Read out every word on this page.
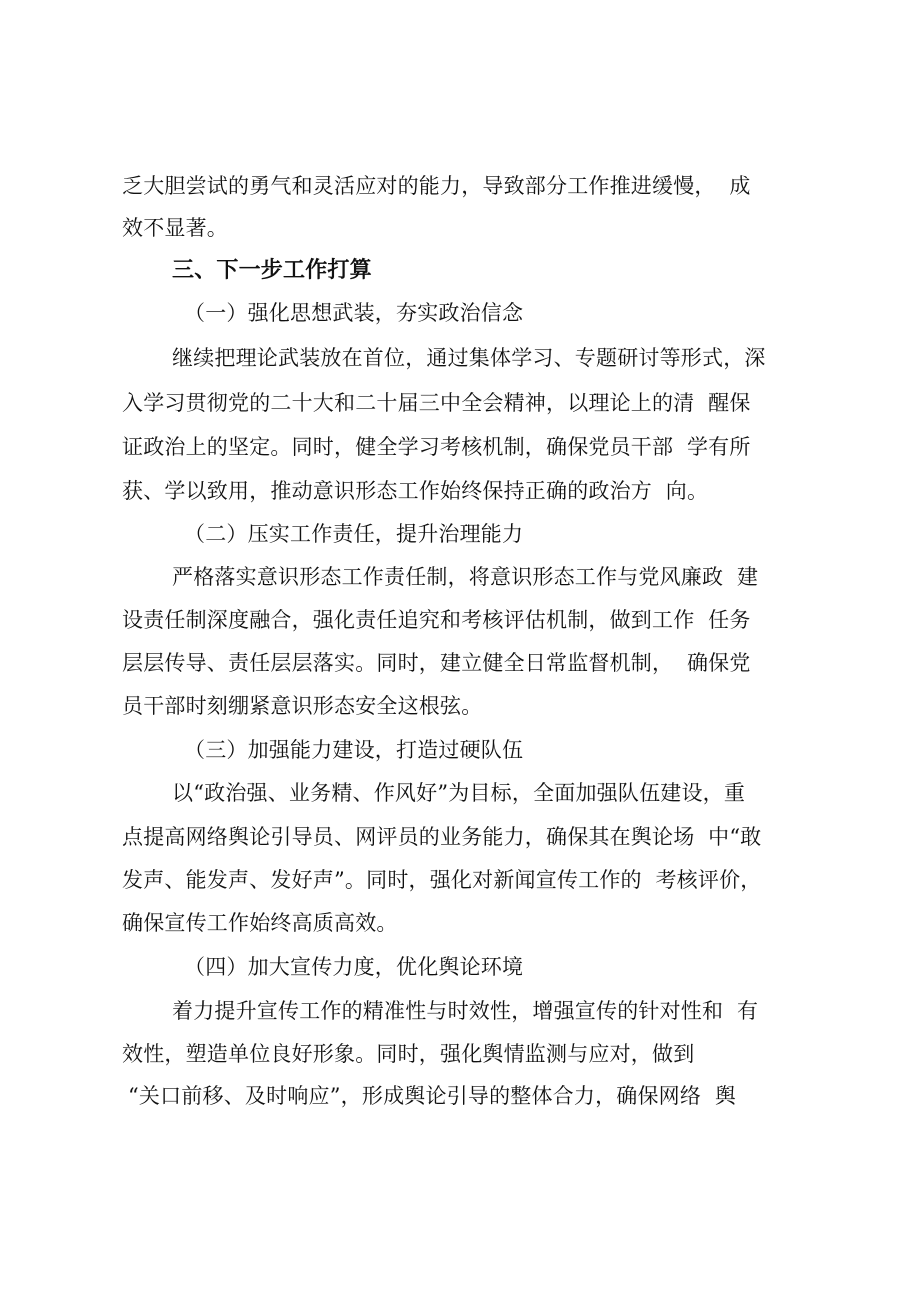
乏大胆尝试的勇气和灵活应对的能力，导致部分工作推进缓慢，  成
效不显著。
三、下一步工作打算
（一）强化思想武装，夯实政治信念
继续把理论武装放在首位，通过集体学习、专题研讨等形式，深
入学习贯彻党的二十大和二十届三中全会精神，以理论上的清  醒保
证政治上的坚定。同时，健全学习考核机制，确保党员干部  学有所
获、学以致用，推动意识形态工作始终保持正确的政治方  向。
（二）压实工作责任，提升治理能力
严格落实意识形态工作责任制，将意识形态工作与党风廉政  建
设责任制深度融合，强化责任追究和考核评估机制，做到工作  任务
层层传导、责任层层落实。同时，建立健全日常监督机制，  确保党
员干部时刻绷紧意识形态安全这根弦。
（三）加强能力建设，打造过硬队伍
以“政治强、业务精、作风好”为目标，全面加强队伍建设，重
点提高网络舆论引导员、网评员的业务能力，确保其在舆论场  中“敢
发声、能发声、发好声”。同时，强化对新闻宣传工作的  考核评价，
确保宣传工作始终高质高效。
（四）加大宣传力度，优化舆论环境
着力提升宣传工作的精准性与时效性，增强宣传的针对性和  有
效性，塑造单位良好形象。同时，强化舆情监测与应对，做到
“关口前移、及时响应”，形成舆论引导的整体合力，确保网络  舆
